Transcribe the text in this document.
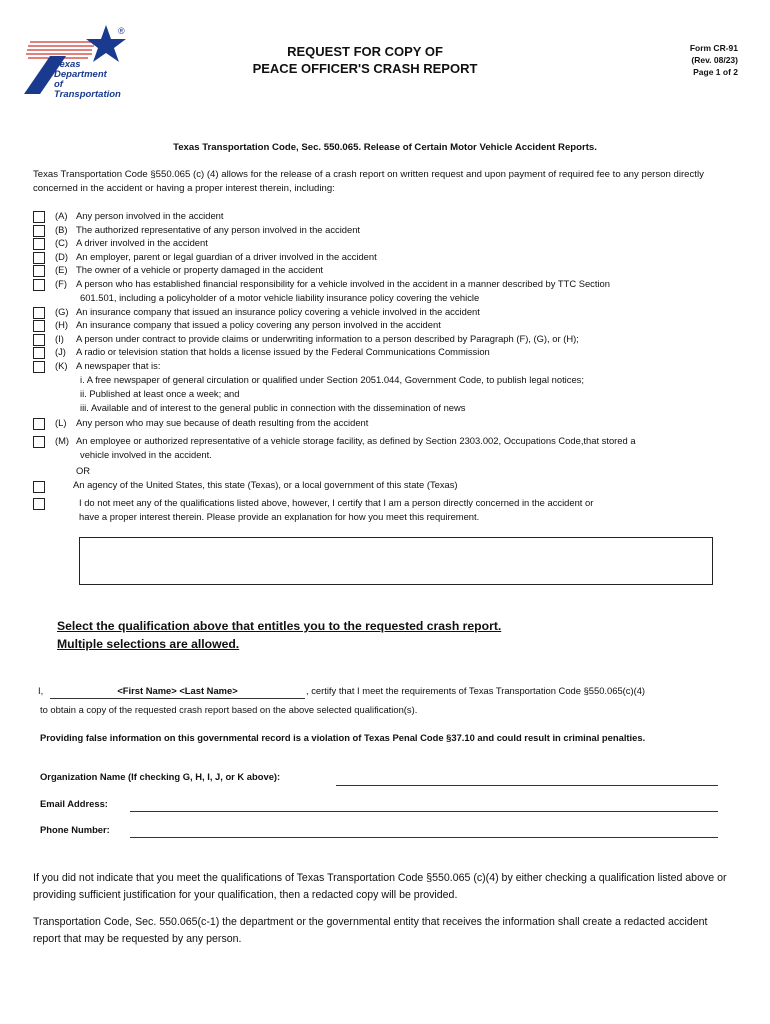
Texas
Department
of Transportation
®
REQUEST FOR COPY OF
PEACE OFFICER'S CRASH REPORT
Form CR-91
(Rev. 08/23)
Page 1 of 2
Texas Transportation Code, Sec. 550.065. Release of Certain Motor Vehicle Accident Reports.
Texas Transportation Code §550.065 (c) (4) allows for the release of a crash report on written request and upon payment of required fee to any person directly concerned in the accident or having a proper interest therein, including:
(A) Any person involved in the accident
(B) The authorized representative of any person involved in the accident
(C) A driver involved in the accident
(D) An employer, parent or legal guardian of a driver involved in the accident
(E) The owner of a vehicle or property damaged in the accident
(F) A person who has established financial responsibility for a vehicle involved in the accident in a manner described by TTC Section
601.501, including a policyholder of a motor vehicle liability insurance policy covering the vehicle
(G) An insurance company that issued an insurance policy covering a vehicle involved in the accident
(H) An insurance company that issued a policy covering any person involved in the accident
(I) A person under contract to provide claims or underwriting information to a person described by Paragraph (F), (G), or (H);
(J) A radio or television station that holds a license issued by the Federal Communications Commission
(K) A newspaper that is:
i. A free newspaper of general circulation or qualified under Section 2051.044, Government Code, to publish legal notices;
ii. Published at least once a week; and
iii. Available and of interest to the general public in connection with the dissemination of news
(L) Any person who may sue because of death resulting from the accident
(M) An employee or authorized representative of a vehicle storage facility, as defined by Section 2303.002, Occupations Code,that stored a
vehicle involved in the accident.
OR
An agency of the United States, this state (Texas), or a local government of this state (Texas)
I do not meet any of the qualifications listed above, however, I certify that I am a person directly concerned in the accident or
have a proper interest therein. Please provide an explanation for how you meet this requirement.
Select the qualification above that entitles you to the requested crash report.
Multiple selections are allowed.
I,	<First Name> <Last Name>	, certify that I meet the requirements of Texas Transportation Code §550.065(c)(4)
to obtain a copy of the requested crash report based on the above selected qualification(s).
Providing false information on this governmental record is a violation of Texas Penal Code §37.10 and could result in criminal penalties.
Organization Name (If checking G, H, I, J, or K above):
Email Address:
Phone Number:
If you did not indicate that you meet the qualifications of Texas Transportation Code §550.065 (c)(4) by either checking a qualification listed above or providing sufficient justification for your qualification, then a redacted copy will be provided.
Transportation Code, Sec. 550.065(c-1) the department or the governmental entity that receives the information shall create a redacted accident report that may be requested by any person.
